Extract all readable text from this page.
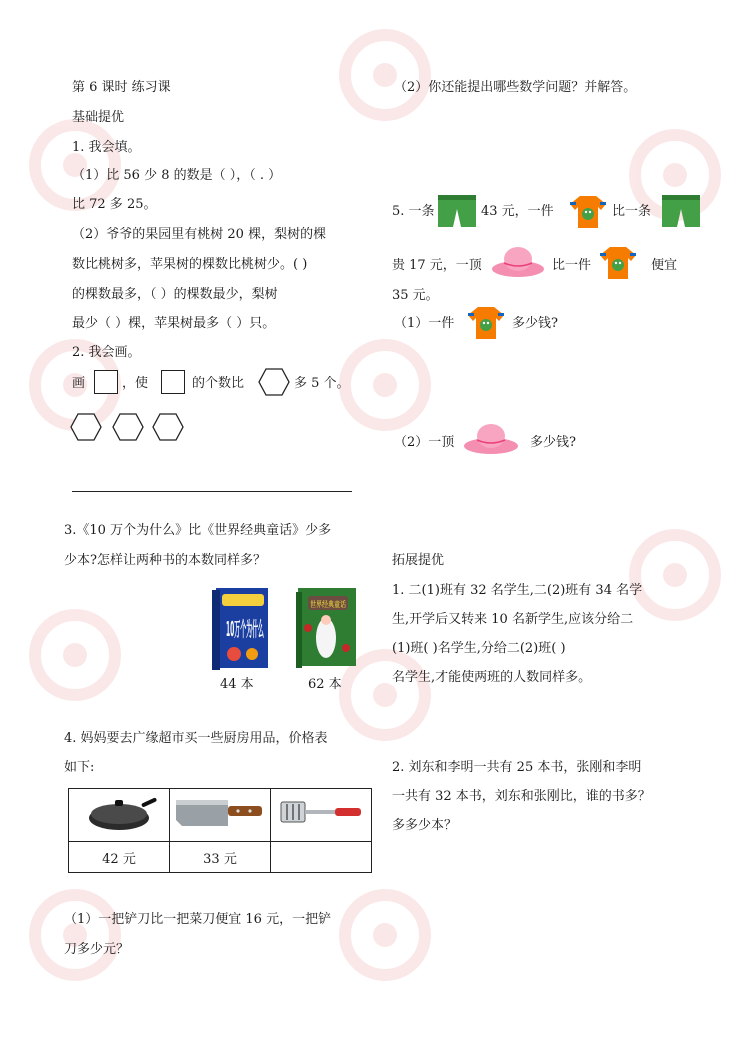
第 6 课时 练习课
基础提优
1. 我会填。
（1）比 56 少 8 的数是（ ），（ . ）
比 72 多 25。
（2）爷爷的果园里有桃树 20 棵，梨树的棵
数比桃树多，苹果树的棵数比桃树少。( )
的棵数最多，（ ）的棵数最少，梨树
最少（ ）棵，苹果树最多（ ）只。
2. 我会画。
画	，使	的个数比	多 5 个。
3.《10 万个为什么》比《世界经典童话》少多
少本?怎样让两种书的本数同样多？
10万个为什么
世界经典童话
44 本	62 本
4. 妈妈要去广缘超市买一些厨房用品，价格表
如下:

42 元	33 元	
（1）一把铲刀比一把菜刀便宜 16 元，一把铲
刀多少元？
（2）你还能提出哪些数学问题？并解答。
5. 一条	43 元，一件	比一条
贵 17 元，一顶	比一件	便宜
35 元。
（1）一件	多少钱?
（2）一顶	多少钱?
拓展提优
1. 二(1)班有 32 名学生,二(2)班有 34 名学
生,开学后又转来 10 名新学生,应该分给二
(1)班( )名学生,分给二(2)班( )
名学生,才能使两班的人数同样多。
2. 刘东和李明一共有 25 本书，张刚和李明
一共有 32 本书，刘东和张刚比，谁的书多？
多多少本？
